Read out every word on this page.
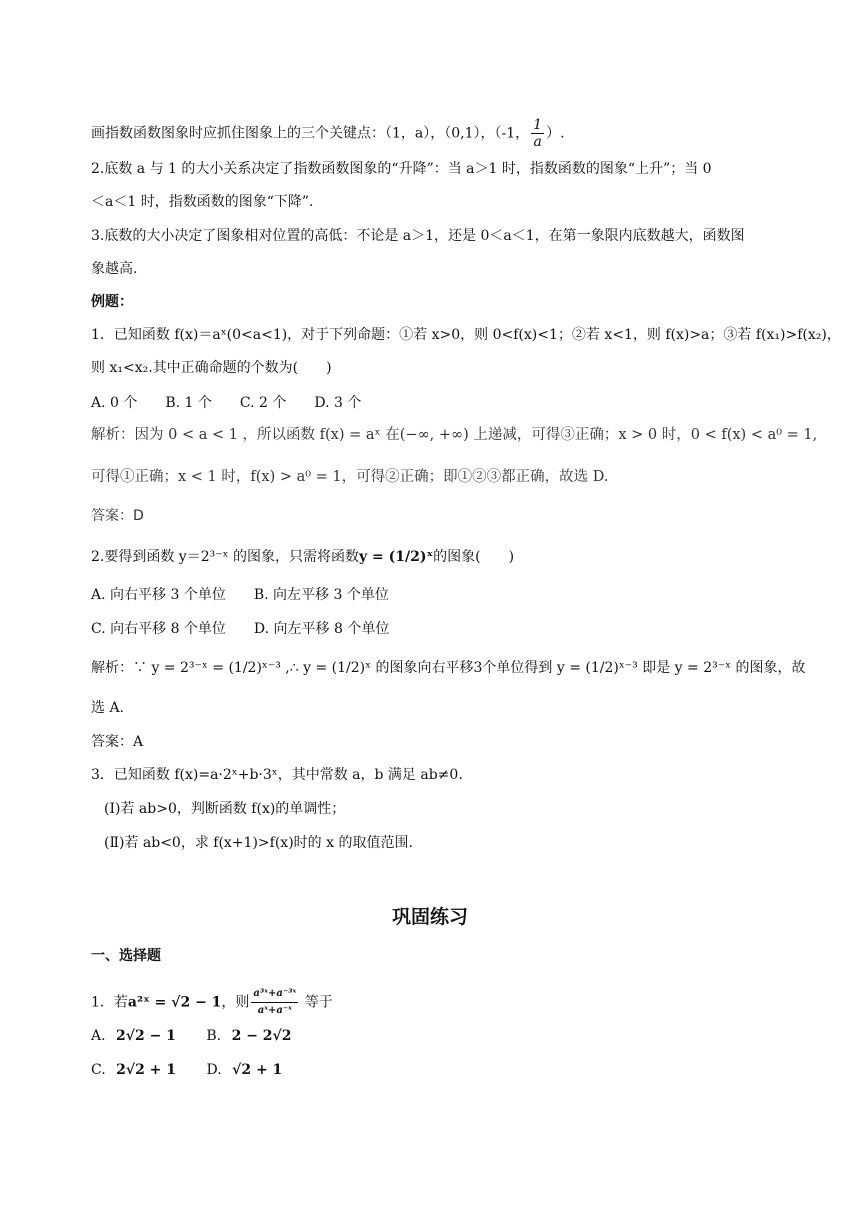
画指数函数图象时应抓住图象上的三个关键点：（1，a），（0,1），（-1， $\frac{1}{a}$ ）.
2.底数 a 与 1 的大小关系决定了指数函数图象的“升降”：当 a＞1 时，指数函数的图象“上升”；当 0
＜a＜1 时，指数函数的图象“下降”.
3.底数的大小决定了图象相对位置的高低：不论是 a＞1，还是 0＜a＜1，在第一象限内底数越大，函数图
象越高.
例题：
1．已知函数 f(x)＝aˣ(0<a<1)，对于下列命题：①若 x>0，则 0<f(x)<1；②若 x<1，则 f(x)>a；③若 f(x₁)>f(x₂)，
则 x₁<x₂.其中正确命题的个数为(　　)
A. 0 个　　B. 1 个　　C. 2 个　　D. 3 个
解析：因为 0 < a < 1 ，所以函数 f(x) = aˣ 在(−∞, +∞) 上递减，可得③正确；x > 0 时，0 < f(x) < a⁰ = 1,
可得①正确；x < 1 时，f(x) > a⁰ = 1，可得②正确；即①②③都正确，故选 D.
答案：D
2.要得到函数 y＝2³⁻ˣ 的图象，只需将函数y = (1/2)ˣ的图象(　　)
A. 向右平移 3 个单位　　B. 向左平移 3 个单位
C. 向右平移 8 个单位　　D. 向左平移 8 个单位
解析：∵ y = 2³⁻ˣ = (1/2)ˣ⁻³ ,∴ y = (1/2)ˣ 的图象向右平移3个单位得到 y = (1/2)ˣ⁻³ 即是 y = 2³⁻ˣ 的图象，故
选 A.
答案：A
3．已知函数 f(x)=a·2ˣ+b·3ˣ，其中常数 a，b 满足 ab≠0.
(Ⅰ)若 ab>0，判断函数 f(x)的单调性；
(Ⅱ)若 ab<0，求 f(x+1)>f(x)时的 x 的取值范围.
巩固练习
一、选择题
1．若a²ˣ = √2 − 1，则 $\frac{\text{a³ˣ+a⁻³ˣ}}{\text{aˣ+a⁻ˣ}}$ 等于
A. 2√2 − 1 B. 2 − 2√2
C. 2√2 + 1 D. √2 + 1
